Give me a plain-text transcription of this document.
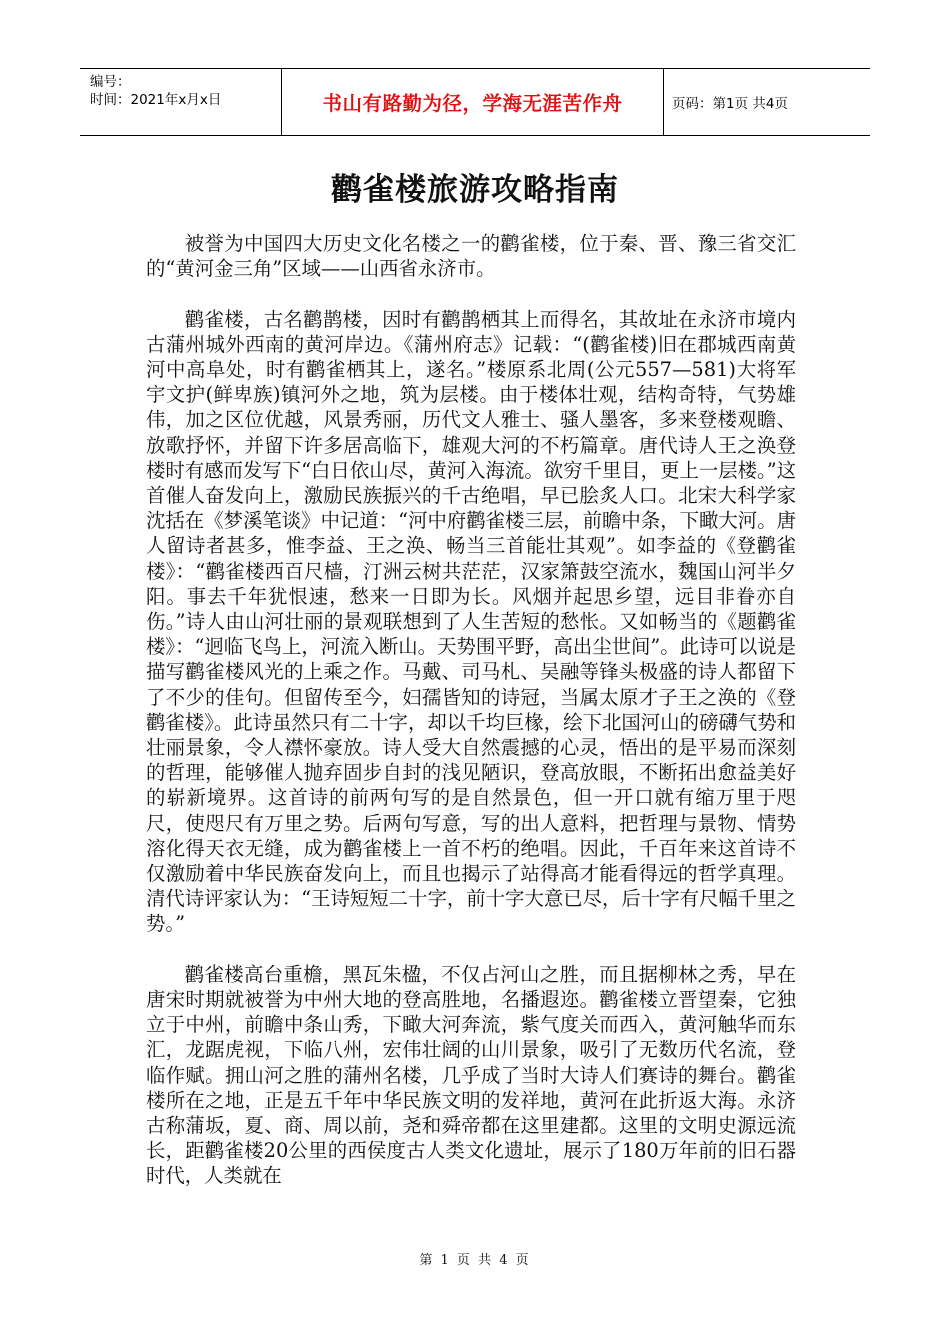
编号：
时间：2021年x月x日	书山有路勤为径，学海无涯苦作舟	页码：第1页 共4页
鹳雀楼旅游攻略指南

被誉为中国四大历史文化名楼之一的鹳雀楼，位于秦、晋、豫三省交汇的“黄河金三角”区域——山西省永济市。

鹳雀楼，古名鹳鹊楼，因时有鹳鹊栖其上而得名，其故址在永济市境内古蒲州城外西南的黄河岸边。《蒲州府志》记载：“(鹳雀楼)旧在郡城西南黄河中高阜处，时有鹳雀栖其上，遂名。”楼原系北周(公元557—581)大将军宇文护(鲜卑族)镇河外之地，筑为层楼。由于楼体壮观，结构奇特，气势雄伟，加之区位优越，风景秀丽，历代文人雅士、骚人墨客，多来登楼观瞻、放歌抒怀，并留下许多居高临下，雄观大河的不朽篇章。唐代诗人王之涣登楼时有感而发写下“白日依山尽，黄河入海流。欲穷千里目，更上一层楼。”这首催人奋发向上，激励民族振兴的千古绝唱，早已脍炙人口。北宋大科学家沈括在《梦溪笔谈》中记道：“河中府鹳雀楼三层，前瞻中条，下瞰大河。唐人留诗者甚多，惟李益、王之涣、畅当三首能壮其观”。如李益的《登鹳雀楼》：“鹳雀楼西百尺樯，汀洲云树共茫茫，汉家箫鼓空流水，魏国山河半夕阳。事去千年犹恨速，愁来一日即为长。风烟并起思乡望，远目非眷亦自伤。”诗人由山河壮丽的景观联想到了人生苦短的愁怅。又如畅当的《题鹳雀楼》：“迥临飞鸟上，河流入断山。天势围平野，高出尘世间”。此诗可以说是描写鹳雀楼风光的上乘之作。马戴、司马札、吴融等锋头极盛的诗人都留下了不少的佳句。但留传至今，妇孺皆知的诗冠，当属太原才子王之涣的《登鹳雀楼》。此诗虽然只有二十字，却以千均巨椽，绘下北国河山的磅礴气势和壮丽景象，令人襟怀豪放。诗人受大自然震撼的心灵，悟出的是平易而深刻的哲理，能够催人抛弃固步自封的浅见陋识，登高放眼，不断拓出愈益美好的崭新境界。这首诗的前两句写的是自然景色，但一开口就有缩万里于咫尺，使咫尺有万里之势。后两句写意，写的出人意料，把哲理与景物、情势溶化得天衣无缝，成为鹳雀楼上一首不朽的绝唱。因此，千百年来这首诗不仅激励着中华民族奋发向上，而且也揭示了站得高才能看得远的哲学真理。清代诗评家认为：“王诗短短二十字，前十字大意已尽，后十字有尺幅千里之势。”

鹳雀楼高台重檐，黑瓦朱楹，不仅占河山之胜，而且据柳林之秀，早在唐宋时期就被誉为中州大地的登高胜地，名播遐迩。鹳雀楼立晋望秦，它独立于中州，前瞻中条山秀，下瞰大河奔流，紫气度关而西入，黄河触华而东汇，龙踞虎视，下临八州，宏伟壮阔的山川景象，吸引了无数历代名流，登临作赋。拥山河之胜的蒲州名楼，几乎成了当时大诗人们赛诗的舞台。鹳雀楼所在之地，正是五千年中华民族文明的发祥地，黄河在此折返大海。永济古称蒲坂，夏、商、周以前，尧和舜帝都在这里建都。这里的文明史源远流长，距鹳雀楼20公里的西侯度古人类文化遗址，展示了180万年前的旧石器时代，人类就在

第 1 页 共 4 页
